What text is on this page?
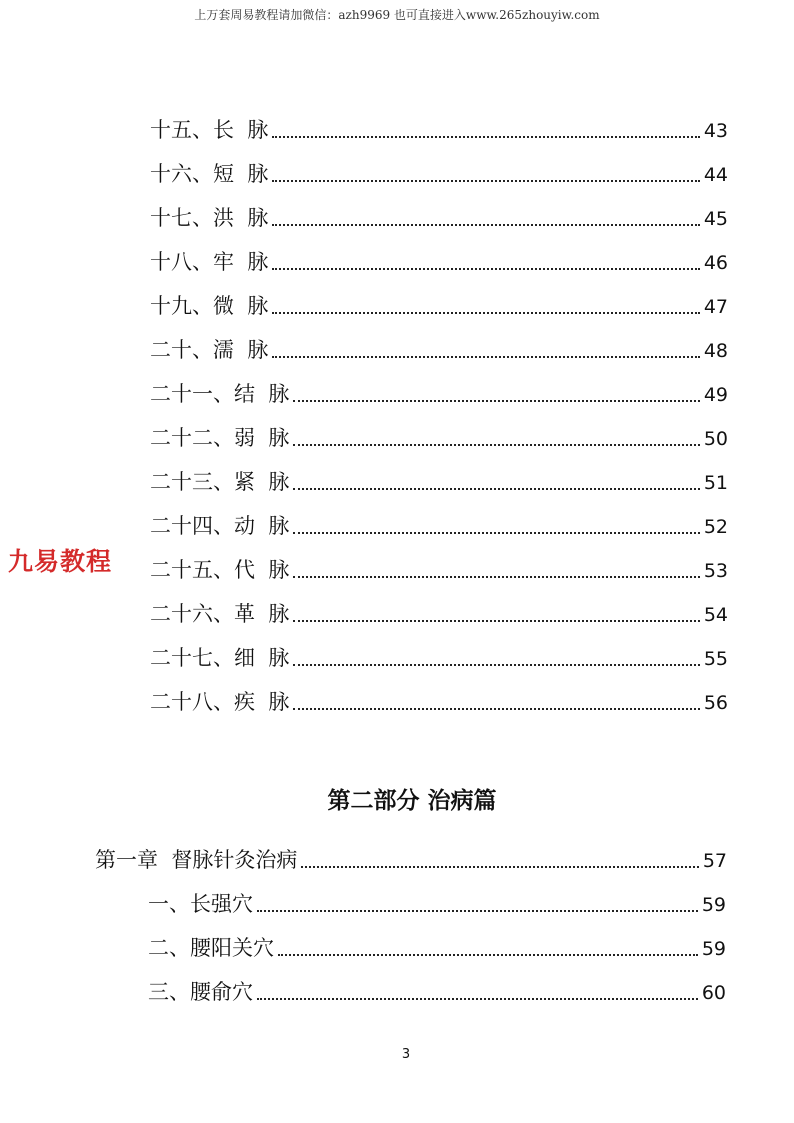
上万套周易教程请加微信：azh9969 也可直接进入www.265zhouyiw.com
九易教程
十五、长  脉	43
十六、短  脉	44
十七、洪  脉	45
十八、牢  脉	46
十九、微  脉	47
二十、濡  脉	48
二十一、结  脉	49
二十二、弱  脉	50
二十三、紧  脉	51
二十四、动  脉	52
二十五、代  脉	53
二十六、革  脉	54
二十七、细  脉	55
二十八、疾  脉	56
第二部分 治病篇
第一章  督脉针灸治病	57
一、长强穴	59
二、腰阳关穴	59
三、腰俞穴	60
3
